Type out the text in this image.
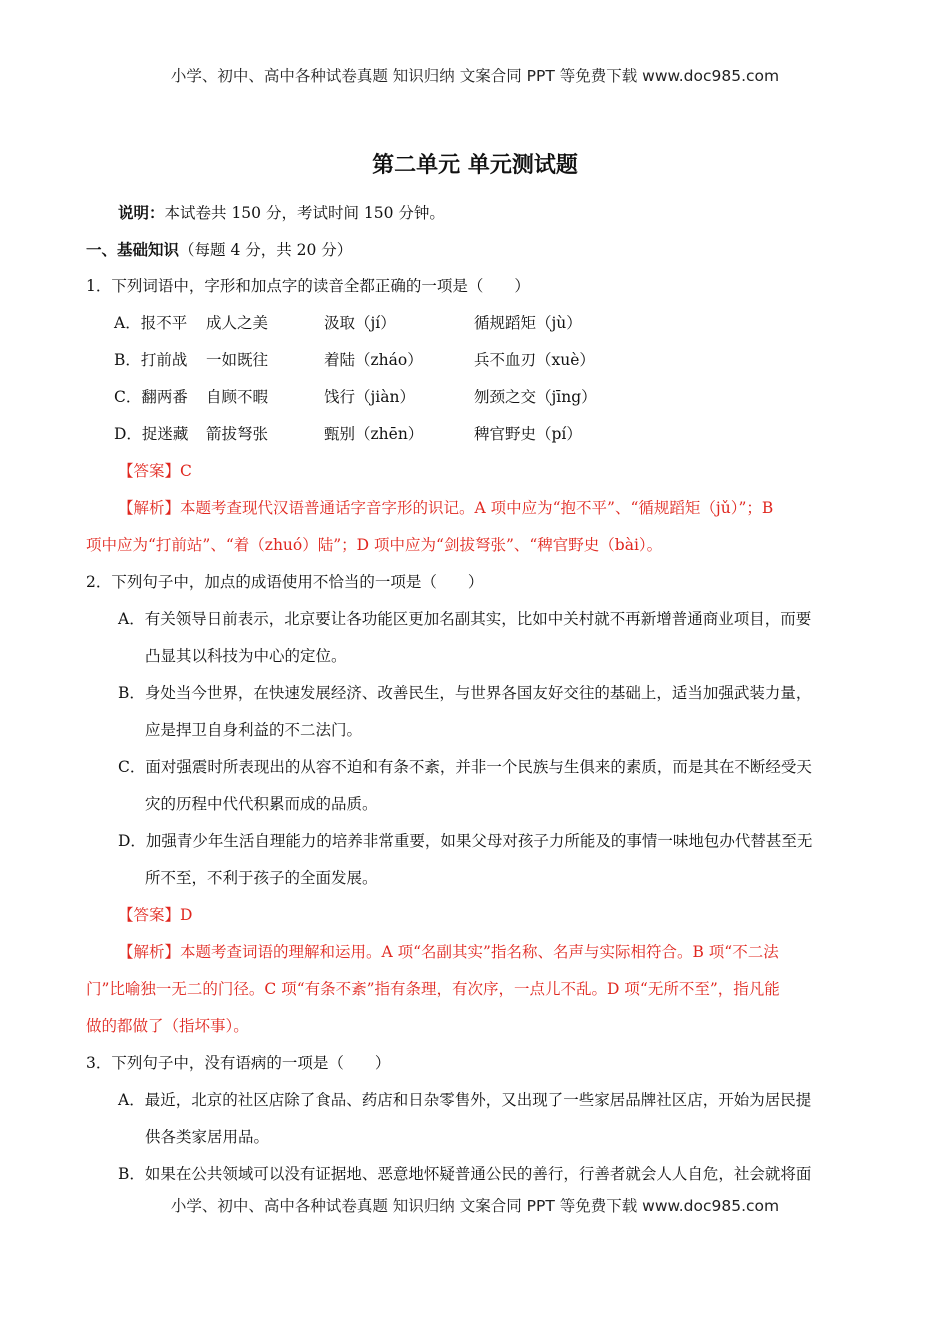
小学、初中、高中各种试卷真题 知识归纳 文案合同 PPT 等免费下载 www.doc985.com
第二单元 单元测试题
说明：本试卷共 150 分，考试时间 150 分钟。
一、基础知识（每题 4 分，共 20 分）
1．下列词语中，字形和加点字的读音全都正确的一项是（　　）
A．报不平	成人之美	汲取（jí）	循规蹈矩（jù）
B．打前战	一如既往	着陆（zháo）	兵不血刃（xuè）
C．翻两番	自顾不暇	饯行（jiàn）	刎颈之交（jīng）
D．捉迷藏	箭拔弩张	甄别（zhēn）	稗官野史（pí）
【答案】C
【解析】本题考查现代汉语普通话字音字形的识记。A 项中应为“抱不平”、“循规蹈矩（jǔ）”；B
项中应为“打前站”、“着（zhuó）陆”；D 项中应为“剑拔弩张”、“稗官野史（bài）。
2．下列句子中，加点的成语使用不恰当的一项是（　　）
A．有关领导日前表示，北京要让各功能区更加名副其实，比如中关村就不再新增普通商业项目，而要
凸显其以科技为中心的定位。
B．身处当今世界，在快速发展经济、改善民生，与世界各国友好交往的基础上，适当加强武装力量，
应是捍卫自身利益的不二法门。
C．面对强震时所表现出的从容不迫和有条不紊，并非一个民族与生俱来的素质，而是其在不断经受天
灾的历程中代代积累而成的品质。
D．加强青少年生活自理能力的培养非常重要，如果父母对孩子力所能及的事情一味地包办代替甚至无
所不至，不利于孩子的全面发展。
【答案】D
【解析】本题考查词语的理解和运用。A 项“名副其实”指名称、名声与实际相符合。B 项“不二法
门”比喻独一无二的门径。C 项“有条不紊”指有条理，有次序，一点儿不乱。D 项“无所不至”，指凡能
做的都做了（指坏事）。
3．下列句子中，没有语病的一项是（　　）
A．最近，北京的社区店除了食品、药店和日杂零售外，又出现了一些家居品牌社区店，开始为居民提
供各类家居用品。
B．如果在公共领域可以没有证据地、恶意地怀疑普通公民的善行，行善者就会人人自危，社会就将面
小学、初中、高中各种试卷真题 知识归纳 文案合同 PPT 等免费下载 www.doc985.com
